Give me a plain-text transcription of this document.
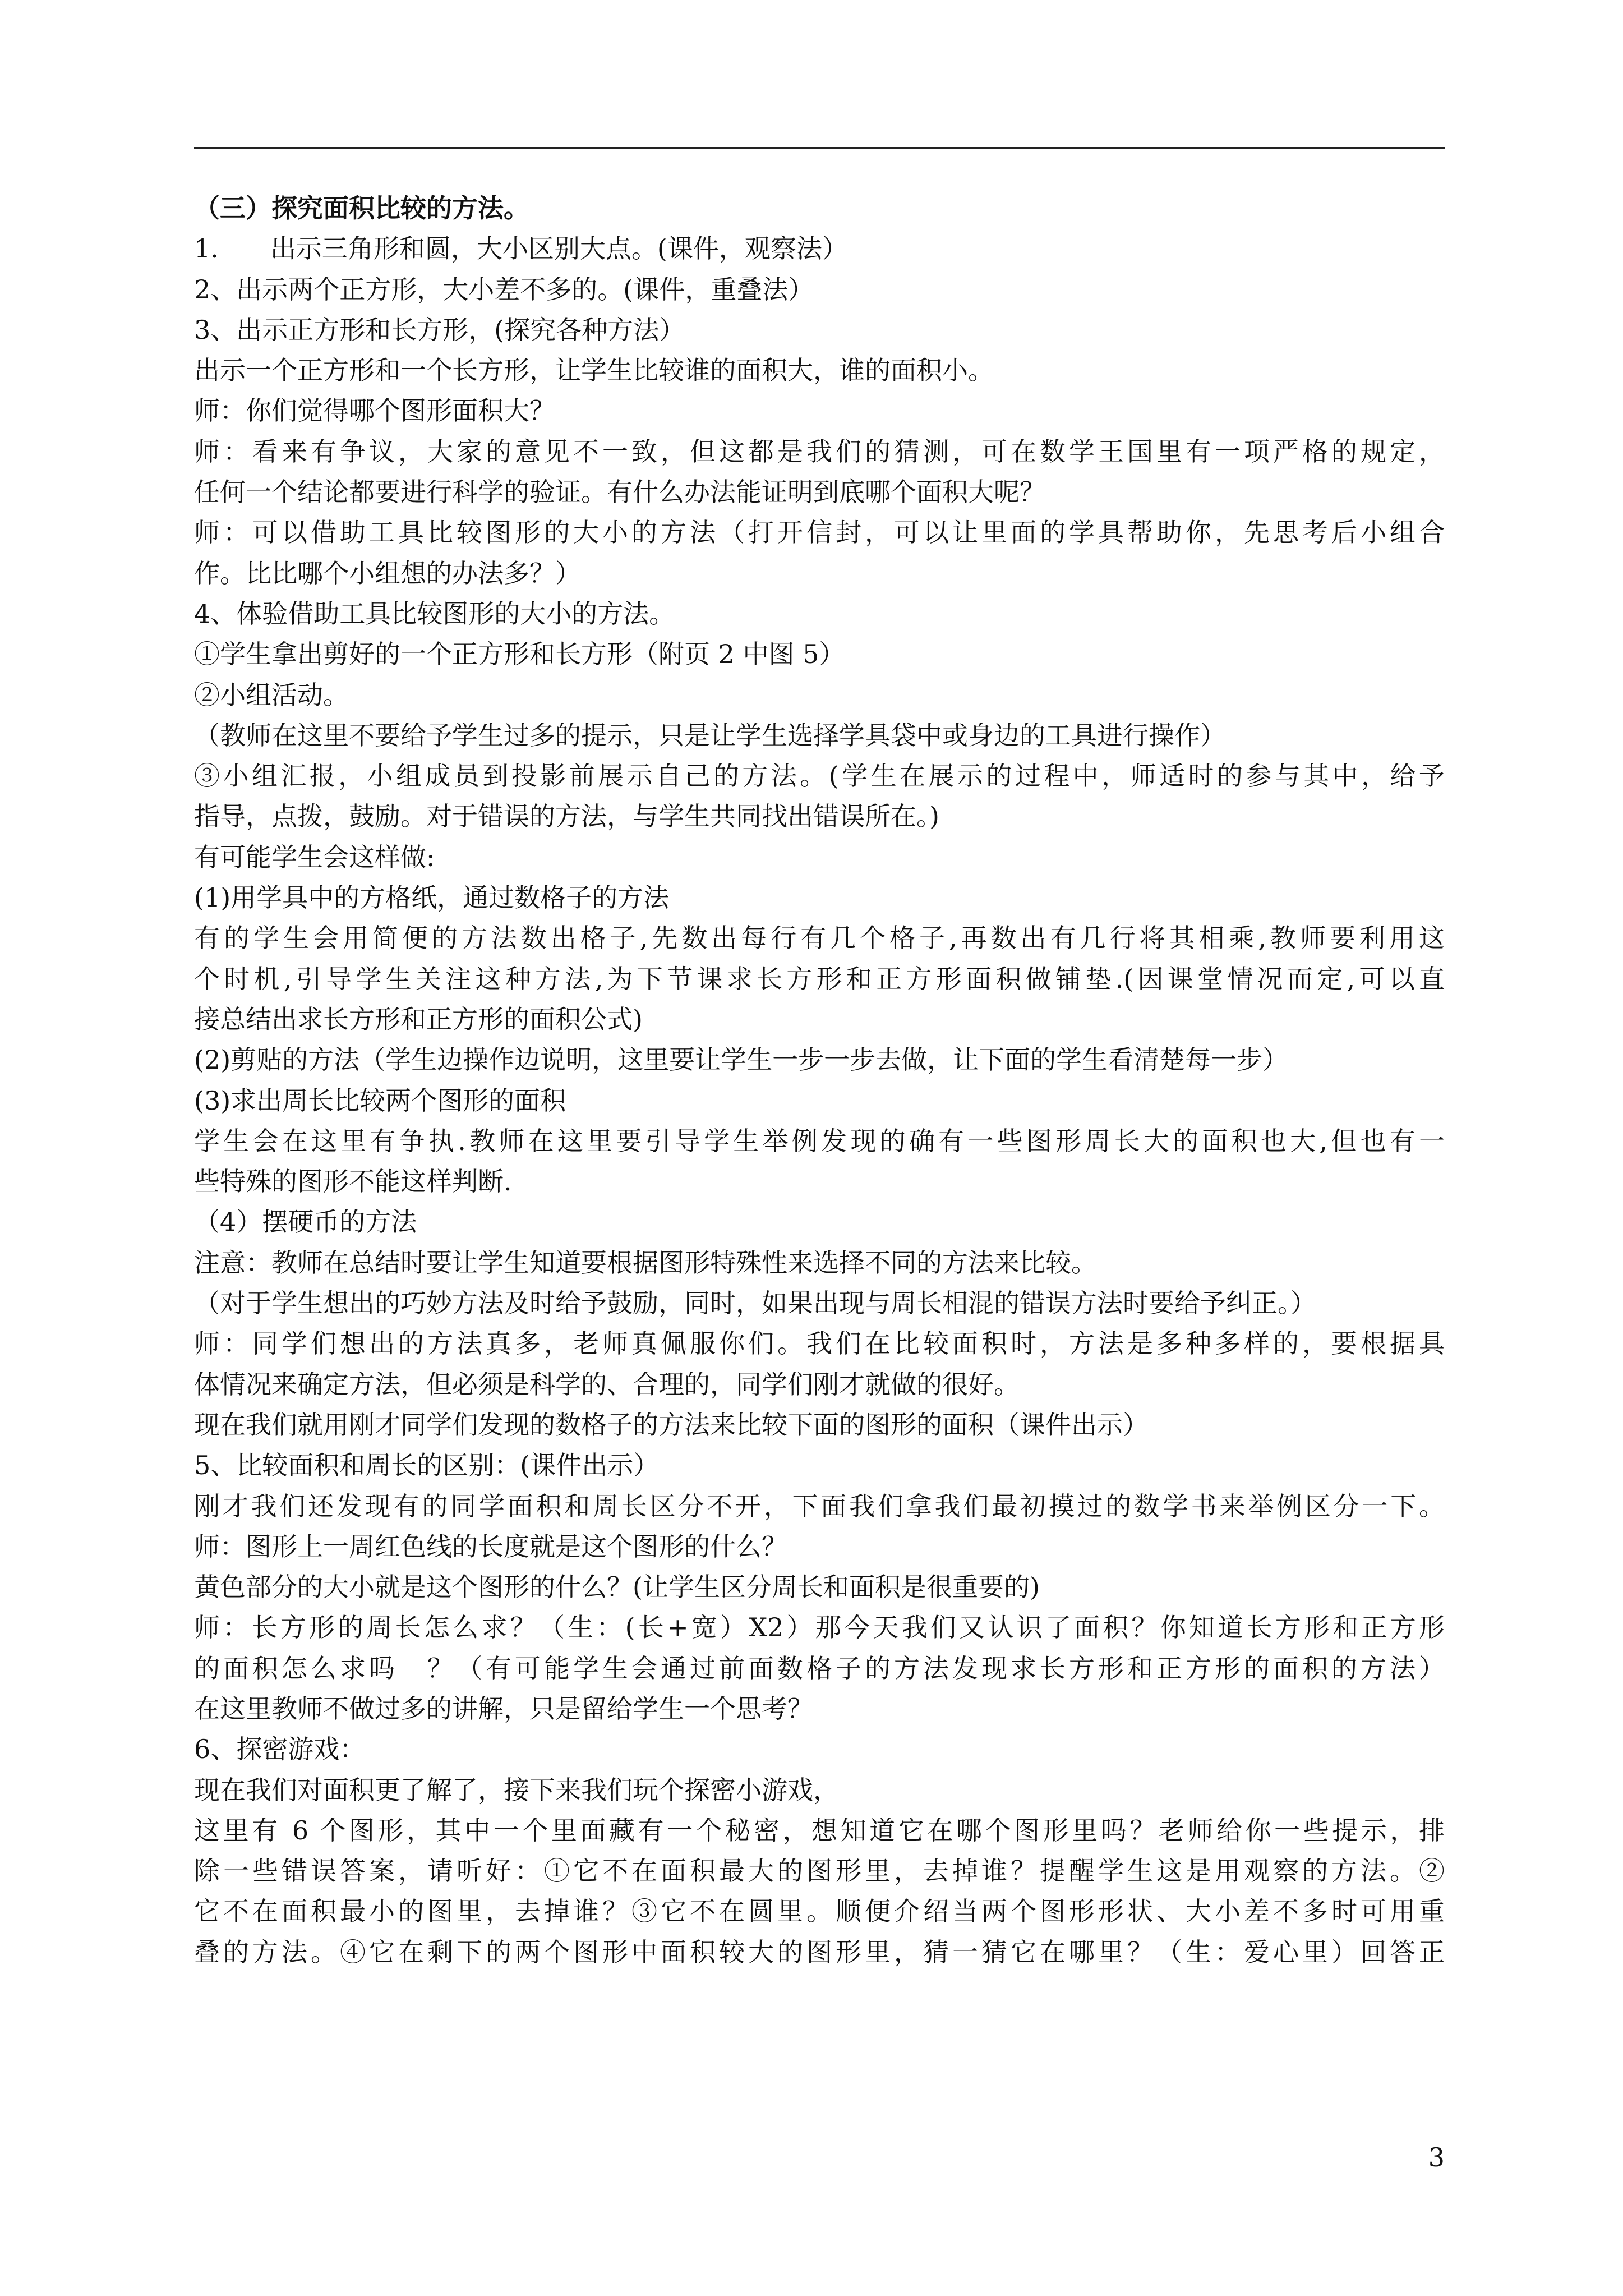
（三）探究面积比较的方法。
1.　　出示三角形和圆，大小区别大点。(课件，观察法）
2、出示两个正方形，大小差不多的。(课件，重叠法）
3、出示正方形和长方形，(探究各种方法）
出示一个正方形和一个长方形，让学生比较谁的面积大，谁的面积小。
师：你们觉得哪个图形面积大？
师：看来有争议，大家的意见不一致，但这都是我们的猜测，可在数学王国里有一项严格的规定，
任何一个结论都要进行科学的验证。有什么办法能证明到底哪个面积大呢？
师：可以借助工具比较图形的大小的方法（打开信封，可以让里面的学具帮助你，先思考后小组合
作。比比哪个小组想的办法多？）
4、体验借助工具比较图形的大小的方法。
①学生拿出剪好的一个正方形和长方形（附页 2 中图 5）
②小组活动。
（教师在这里不要给予学生过多的提示，只是让学生选择学具袋中或身边的工具进行操作）
③小组汇报，小组成员到投影前展示自己的方法。(学生在展示的过程中，师适时的参与其中，给予
指导，点拨，鼓励。对于错误的方法，与学生共同找出错误所在。)
有可能学生会这样做:
(1)用学具中的方格纸，通过数格子的方法
有的学生会用简便的方法数出格子,先数出每行有几个格子,再数出有几行将其相乘,教师要利用这
个时机,引导学生关注这种方法,为下节课求长方形和正方形面积做铺垫.(因课堂情况而定,可以直
接总结出求长方形和正方形的面积公式)
(2)剪贴的方法（学生边操作边说明，这里要让学生一步一步去做，让下面的学生看清楚每一步）
(3)求出周长比较两个图形的面积
学生会在这里有争执.教师在这里要引导学生举例发现的确有一些图形周长大的面积也大,但也有一
些特殊的图形不能这样判断.
（4）摆硬币的方法
注意：教师在总结时要让学生知道要根据图形特殊性来选择不同的方法来比较。
（对于学生想出的巧妙方法及时给予鼓励，同时，如果出现与周长相混的错误方法时要给予纠正。）
师：同学们想出的方法真多，老师真佩服你们。我们在比较面积时，方法是多种多样的，要根据具
体情况来确定方法，但必须是科学的、合理的，同学们刚才就做的很好。
现在我们就用刚才同学们发现的数格子的方法来比较下面的图形的面积（课件出示）
5、比较面积和周长的区别：(课件出示）
刚才我们还发现有的同学面积和周长区分不开，下面我们拿我们最初摸过的数学书来举例区分一下。
师：图形上一周红色线的长度就是这个图形的什么？
黄色部分的大小就是这个图形的什么？(让学生区分周长和面积是很重要的)
师：长方形的周长怎么求？（生：(长+宽）X2）那今天我们又认识了面积？你知道长方形和正方形
的面积怎么求吗　？（有可能学生会通过前面数格子的方法发现求长方形和正方形的面积的方法）
在这里教师不做过多的讲解，只是留给学生一个思考？
6、探密游戏：
现在我们对面积更了解了，接下来我们玩个探密小游戏，
这里有 6 个图形，其中一个里面藏有一个秘密，想知道它在哪个图形里吗？老师给你一些提示，排
除一些错误答案，请听好：①它不在面积最大的图形里，去掉谁？提醒学生这是用观察的方法。②
它不在面积最小的图里，去掉谁？③它不在圆里。顺便介绍当两个图形形状、大小差不多时可用重
叠的方法。④它在剩下的两个图形中面积较大的图形里，猜一猜它在哪里？（生：爱心里）回答正
3
